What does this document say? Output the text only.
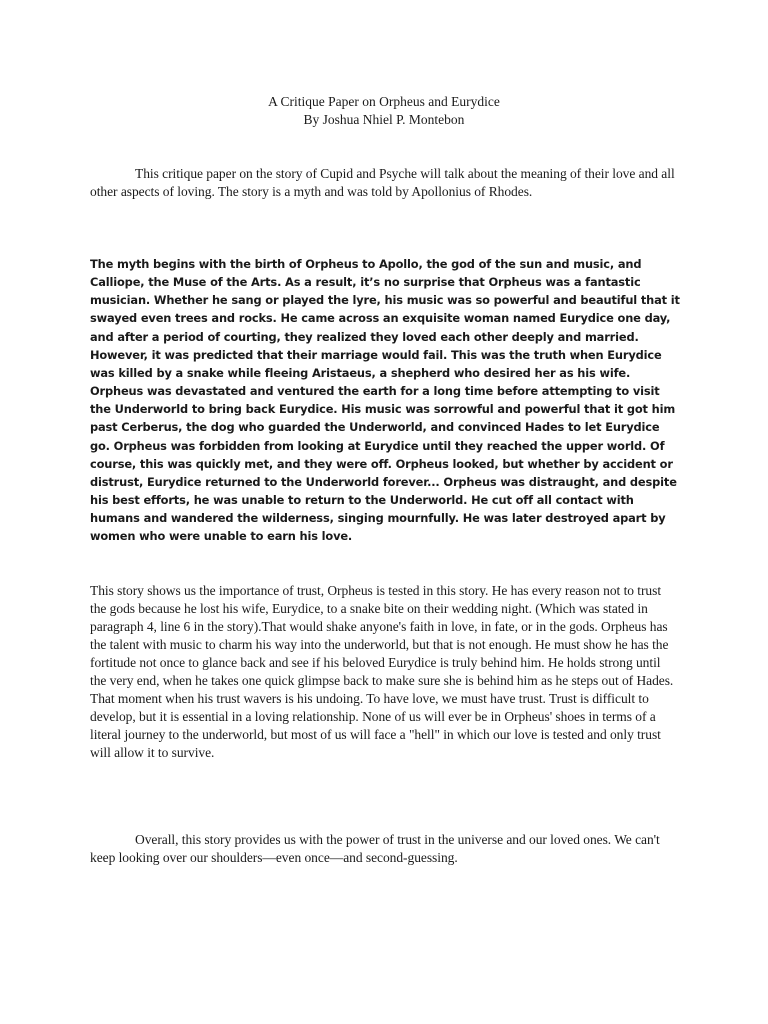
A Critique Paper on Orpheus and Eurydice
By Joshua Nhiel P. Montebon

This critique paper on the story of Cupid and Psyche will talk about the meaning of their love and all other aspects of loving. The story is a myth and was told by Apollonius of Rhodes.

The myth begins with the birth of Orpheus to Apollo, the god of the sun and music, and Calliope, the Muse of the Arts. As a result, it’s no surprise that Orpheus was a fantastic musician. Whether he sang or played the lyre, his music was so powerful and beautiful that it swayed even trees and rocks. He came across an exquisite woman named Eurydice one day, and after a period of courting, they realized they loved each other deeply and married. However, it was predicted that their marriage would fail. This was the truth when Eurydice was killed by a snake while fleeing Aristaeus, a shepherd who desired her as his wife. Orpheus was devastated and ventured the earth for a long time before attempting to visit the Underworld to bring back Eurydice. His music was sorrowful and powerful that it got him past Cerberus, the dog who guarded the Underworld, and convinced Hades to let Eurydice go. Orpheus was forbidden from looking at Eurydice until they reached the upper world. Of course, this was quickly met, and they were off. Orpheus looked, but whether by accident or distrust, Eurydice returned to the Underworld forever... Orpheus was distraught, and despite his best efforts, he was unable to return to the Underworld. He cut off all contact with humans and wandered the wilderness, singing mournfully. He was later destroyed apart by women who were unable to earn his love.

This story shows us the importance of trust, Orpheus is tested in this story. He has every reason not to trust the gods because he lost his wife, Eurydice, to a snake bite on their wedding night. (Which was stated in paragraph 4, line 6 in the story).That would shake anyone's faith in love, in fate, or in the gods. Orpheus has the talent with music to charm his way into the underworld, but that is not enough. He must show he has the fortitude not once to glance back and see if his beloved Eurydice is truly behind him. He holds strong until the very end, when he takes one quick glimpse back to make sure she is behind him as he steps out of Hades. That moment when his trust wavers is his undoing. To have love, we must have trust. Trust is difficult to develop, but it is essential in a loving relationship. None of us will ever be in Orpheus' shoes in terms of a literal journey to the underworld, but most of us will face a "hell" in which our love is tested and only trust will allow it to survive.

Overall, this story provides us with the power of trust in the universe and our loved ones. We can't keep looking over our shoulders—even once—and second-guessing.
